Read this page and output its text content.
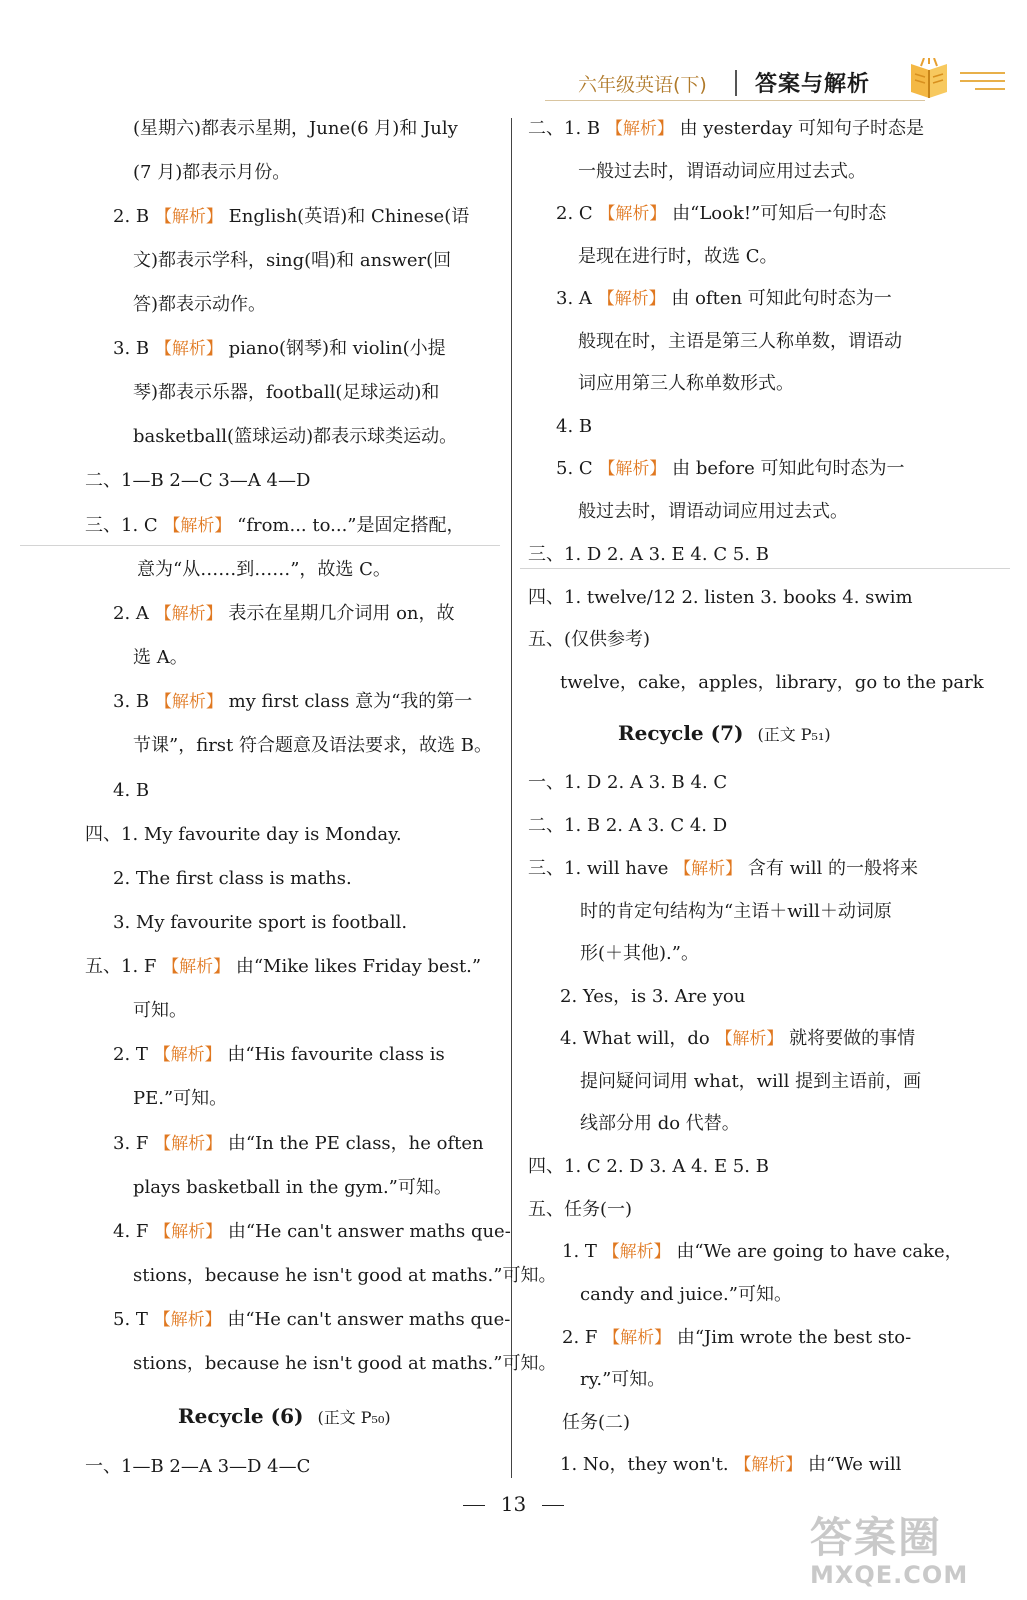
六年级英语(下) 答案与解析
(星期六)都表示星期，June(6 月)和 July
(7 月)都表示月份。
2. B 【解析】 English(英语)和 Chinese(语
文)都表示学科，sing(唱)和 answer(回
答)都表示动作。
3. B 【解析】 piano(钢琴)和 violin(小提
琴)都表示乐器，football(足球运动)和
basketball(篮球运动)都表示球类运动。
二、1—B 2—C 3—A 4—D
三、1. C 【解析】 “from... to...”是固定搭配，
意为“从……到……”，故选 C。
2. A 【解析】 表示在星期几介词用 on，故
选 A。
3. B 【解析】 my first class 意为“我的第一
节课”，first 符合题意及语法要求，故选 B。
4. B
四、1. My favourite day is Monday.
2. The first class is maths.
3. My favourite sport is football.
五、1. F 【解析】 由“Mike likes Friday best.”
可知。
2. T 【解析】 由“His favourite class is
PE.”可知。
3. F 【解析】 由“In the PE class，he often
plays basketball in the gym.”可知。
4. F 【解析】 由“He can't answer maths que-
stions，because he isn't good at maths.”可知。
5. T 【解析】 由“He can't answer maths que-
stions，because he isn't good at maths.”可知。
Recycle (6) (正文 P₅₀)
一、1—B 2—A 3—D 4—C
二、1. B 【解析】 由 yesterday 可知句子时态是
一般过去时，谓语动词应用过去式。
2. C 【解析】 由“Look!”可知后一句时态
是现在进行时，故选 C。
3. A 【解析】 由 often 可知此句时态为一
般现在时，主语是第三人称单数，谓语动
词应用第三人称单数形式。
4. B
5. C 【解析】 由 before 可知此句时态为一
般过去时，谓语动词应用过去式。
三、1. D 2. A 3. E 4. C 5. B
四、1. twelve/12 2. listen 3. books 4. swim
五、(仅供参考)
twelve，cake，apples，library，go to the park
Recycle (7) (正文 P₅₁)
一、1. D 2. A 3. B 4. C
二、1. B 2. A 3. C 4. D
三、1. will have 【解析】 含有 will 的一般将来
时的肯定句结构为“主语＋will＋动词原
形(＋其他).”。
2. Yes，is 3. Are you
4. What will，do 【解析】 就将要做的事情
提问疑问词用 what，will 提到主语前，画
线部分用 do 代替。
四、1. C 2. D 3. A 4. E 5. B
五、任务(一)
1. T 【解析】 由“We are going to have cake，
candy and juice.”可知。
2. F 【解析】 由“Jim wrote the best sto-
ry.”可知。
任务(二)
1. No，they won't. 【解析】 由“We will
13
答案圈
MXQE.COM
